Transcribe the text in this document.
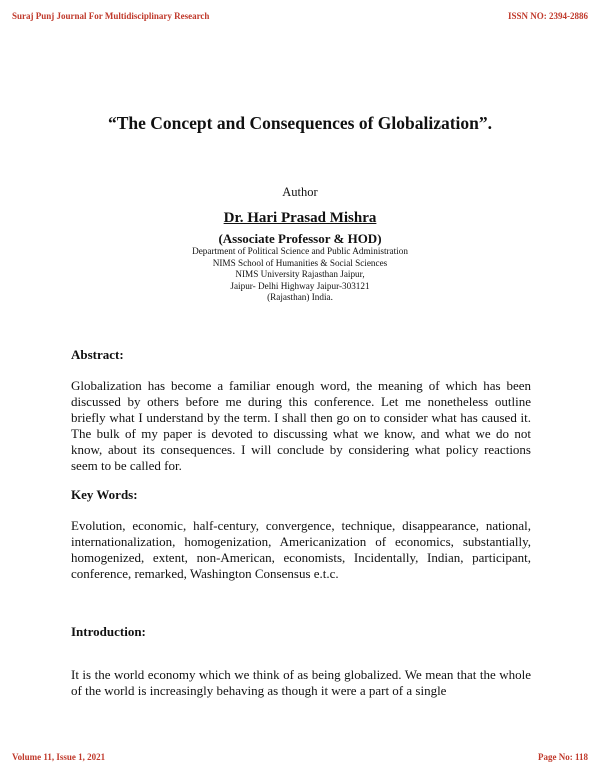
Suraj Punj Journal For Multidisciplinary Research	ISSN NO: 2394-2886
“The Concept and Consequences of Globalization”.
Author
Dr. Hari Prasad Mishra
(Associate Professor & HOD)
Department of Political Science and Public Administration
NIMS School of Humanities & Social Sciences
NIMS University Rajasthan Jaipur,
Jaipur- Delhi Highway Jaipur-303121
(Rajasthan) India.
Abstract:

Globalization has become a familiar enough word, the meaning of which has been discussed by others before me during this conference. Let me nonetheless outline briefly what I understand by the term. I shall then go on to consider what has caused it. The bulk of my paper is devoted to discussing what we know, and what we do not know, about its consequences. I will conclude by considering what policy reactions seem to be called for.

Key Words:

Evolution, economic, half-century, convergence, technique, disappearance, national, internationalization, homogenization, Americanization of economics, substantially, homogenized, extent, non-American, economists, Incidentally, Indian, participant, conference, remarked, Washington Consensus e.t.c.

Introduction:

It is the world economy which we think of as being globalized. We mean that the whole of the world is increasingly behaving as though it were a part of a single

Volume 11, Issue 1, 2021	Page No: 118
